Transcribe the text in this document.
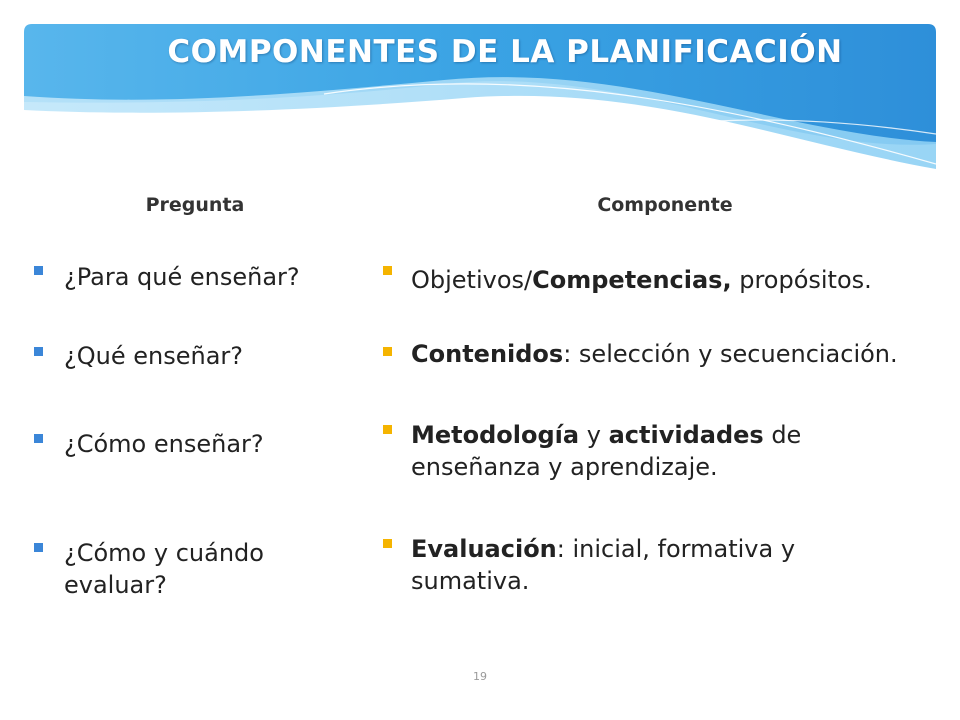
COMPONENTES DE LA PLANIFICACIÓN
Pregunta	Componente
¿Para qué enseñar?
¿Qué enseñar?
¿Cómo enseñar?
¿Cómo y cuándo evaluar?
Objetivos/Competencias, propósitos.
Contenidos: selección y secuenciación.
Metodología y actividades de enseñanza y aprendizaje.
Evaluación: inicial, formativa y sumativa.
19
